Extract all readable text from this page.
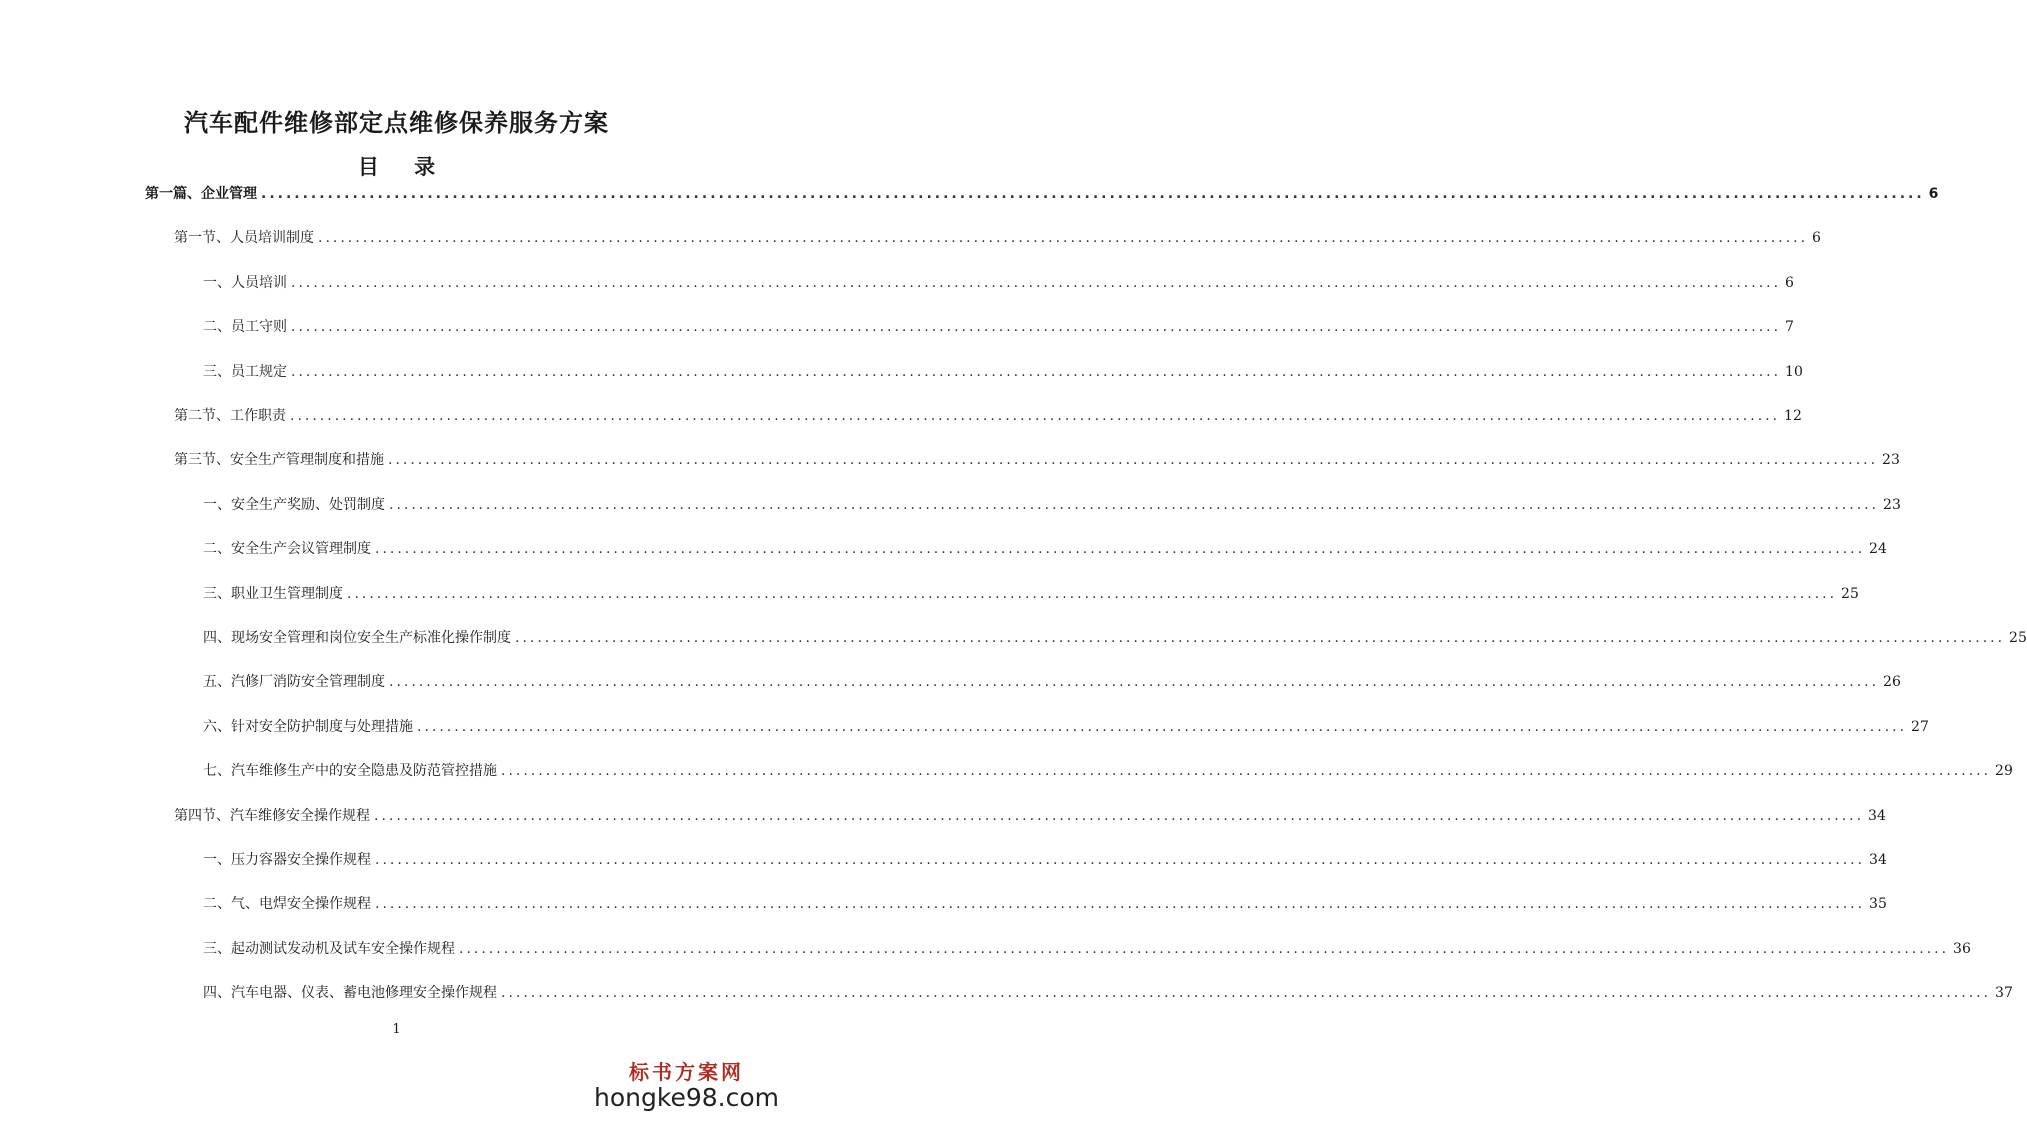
汽车配件维修部定点维修保养服务方案
目 录
第一篇、企业管理 ........................................................................................................................................................................................................ 6
第一节、人员培训制度 ........................................................................................................................................................................................................ 6
一、人员培训 ........................................................................................................................................................................................................ 6
二、员工守则 ........................................................................................................................................................................................................ 7
三、员工规定 ........................................................................................................................................................................................................ 10
第二节、工作职责 ........................................................................................................................................................................................................ 12
第三节、安全生产管理制度和措施 ........................................................................................................................................................................................................ 23
一、安全生产奖励、处罚制度 ........................................................................................................................................................................................................ 23
二、安全生产会议管理制度 ........................................................................................................................................................................................................ 24
三、职业卫生管理制度 ........................................................................................................................................................................................................ 25
四、现场安全管理和岗位安全生产标准化操作制度 ........................................................................................................................................................................................................ 25
五、汽修厂消防安全管理制度 ........................................................................................................................................................................................................ 26
六、针对安全防护制度与处理措施 ........................................................................................................................................................................................................ 27
七、汽车维修生产中的安全隐患及防范管控措施 ........................................................................................................................................................................................................ 29
第四节、汽车维修安全操作规程 ........................................................................................................................................................................................................ 34
一、压力容器安全操作规程 ........................................................................................................................................................................................................ 34
二、气、电焊安全操作规程 ........................................................................................................................................................................................................ 35
三、起动测试发动机及试车安全操作规程 ........................................................................................................................................................................................................ 36
四、汽车电器、仪表、蓄电池修理安全操作规程 ........................................................................................................................................................................................................ 37
1
标书方案网
hongke98.com
